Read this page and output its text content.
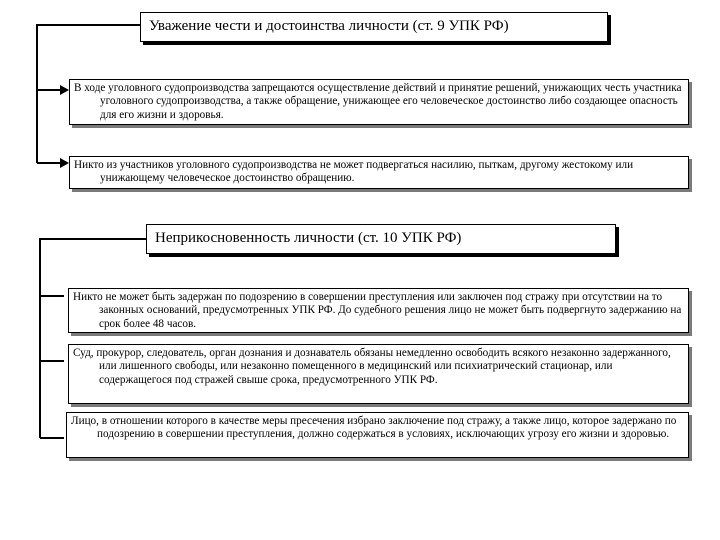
Уважение чести и достоинства личности (ст. 9 УПК РФ)

В ходе уголовного судопроизводства запрещаются осуществление действий и принятие решений, унижающих честь участника уголовного судопроизводства, а также обращение, унижающее его человеческое достоинство либо создающее опасность для его жизни и здоровья.

Никто из участников уголовного судопроизводства не может подвергаться насилию, пыткам, другому жестокому или унижающему человеческое достоинство обращению.

Неприкосновенность личности (ст. 10 УПК РФ)

Никто не может быть задержан по подозрению в совершении преступления или заключен под стражу при отсутствии на то законных оснований, предусмотренных УПК РФ. До судебного решения лицо не может быть подвергнуто задержанию на срок более 48 часов.

Суд, прокурор, следователь, орган дознания и дознаватель обязаны немедленно освободить всякого незаконно задержанного, или лишенного свободы, или незаконно помещенного в медицинский или психиатрический стационар, или содержащегося под стражей свыше срока, предусмотренного УПК РФ.

Лицо, в отношении которого в качестве меры пресечения избрано заключение под стражу, а также лицо, которое задержано по подозрению в совершении преступления, должно содержаться в условиях, исключающих угрозу его жизни и здоровью.
